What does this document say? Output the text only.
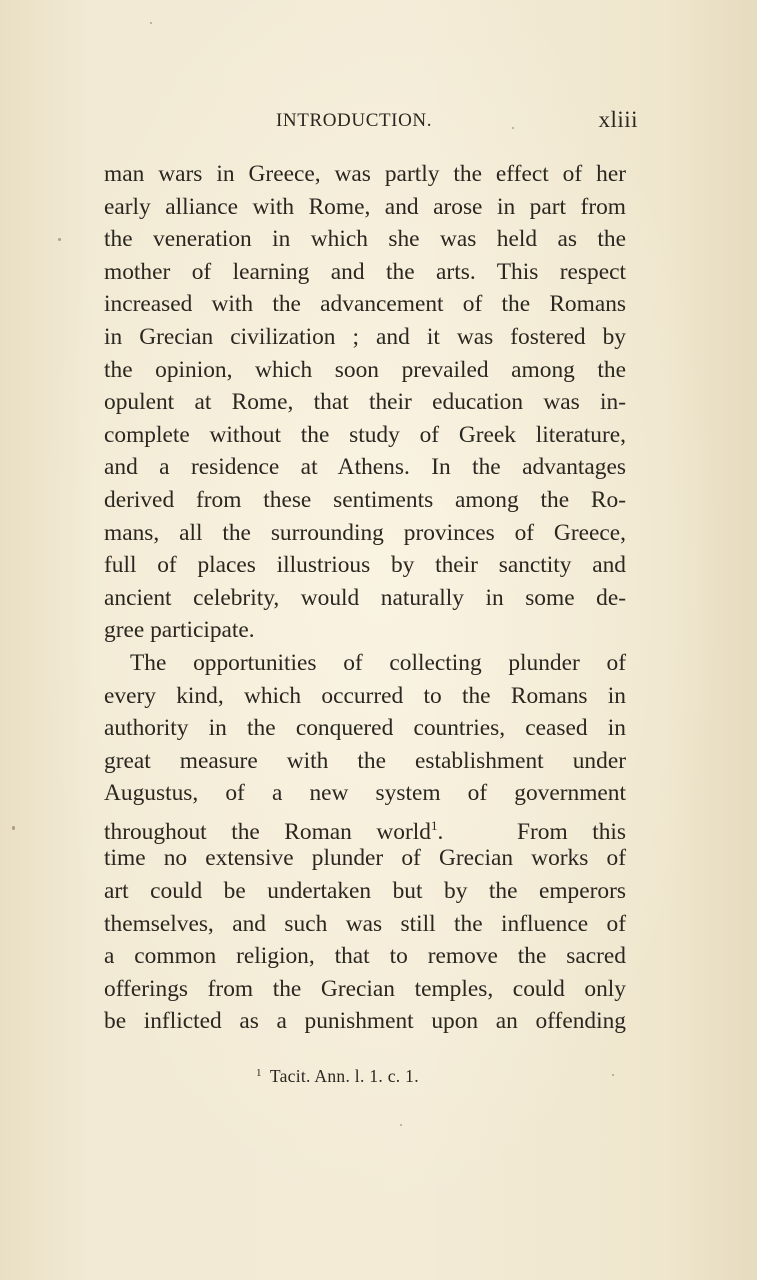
INTRODUCTION.	xliii
man wars in Greece, was partly the effect of her
early alliance with Rome, and arose in part from
the veneration in which she was held as the
mother of learning and the arts. This respect
increased with the advancement of the Romans
in Grecian civilization ; and it was fostered by
the opinion, which soon prevailed among the
opulent at Rome, that their education was in-
complete without the study of Greek literature,
and a residence at Athens. In the advantages
derived from these sentiments among the Ro-
mans, all the surrounding provinces of Greece,
full of places illustrious by their sanctity and
ancient celebrity, would naturally in some de-
gree participate.
The opportunities of collecting plunder of
every kind, which occurred to the Romans in
authority in the conquered countries, ceased in
great measure with the establishment under
Augustus, of a new system of government
throughout the Roman world$^1$.   From this
time no extensive plunder of Grecian works of
art could be undertaken but by the emperors
themselves, and such was still the influence of
a common religion, that to remove the sacred
offerings from the Grecian temples, could only
be inflicted as a punishment upon an offending
$^1$ Tacit. Ann. l. 1. c. 1.
